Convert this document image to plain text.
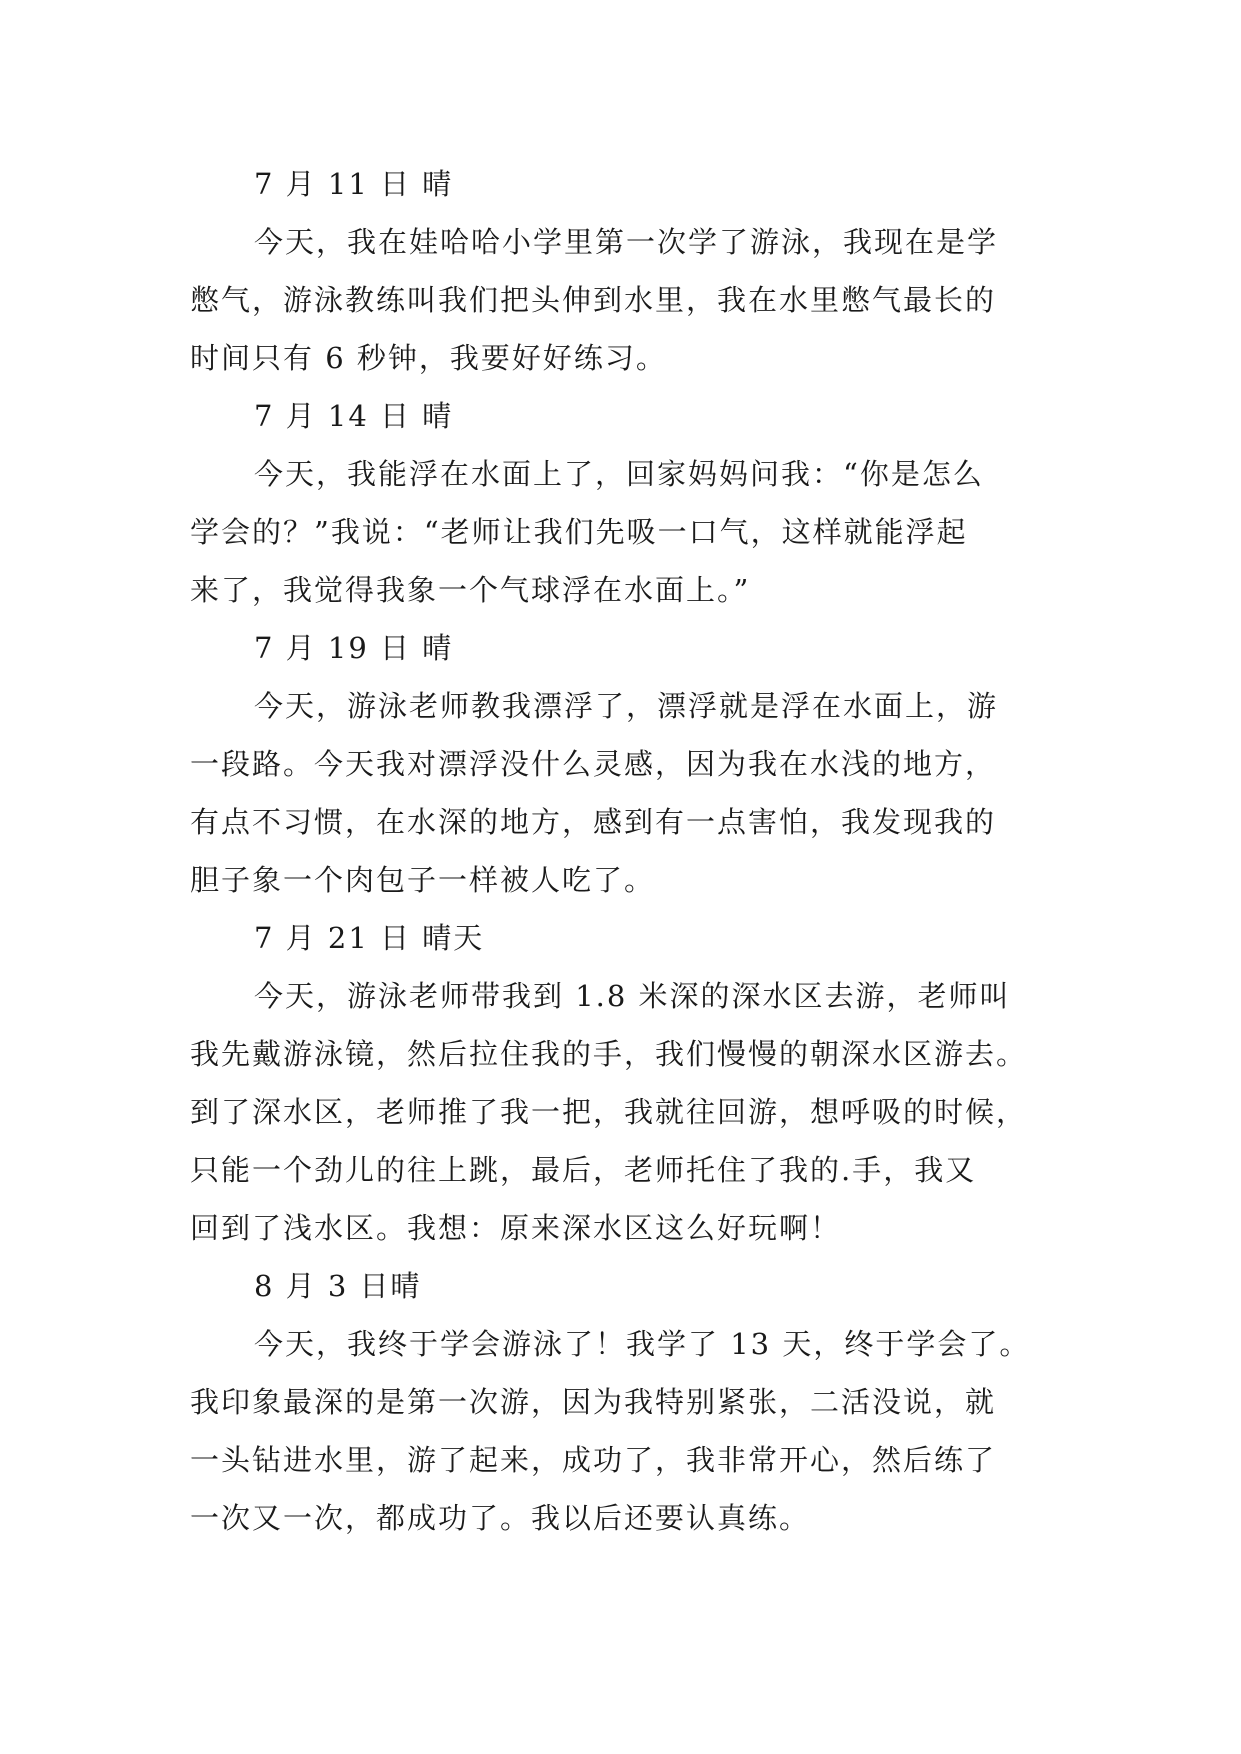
7 月 11 日 晴
今天，我在娃哈哈小学里第一次学了游泳，我现在是学
憋气，游泳教练叫我们把头伸到水里，我在水里憋气最长的
时间只有 6 秒钟，我要好好练习。
7 月 14 日 晴
今天，我能浮在水面上了，回家妈妈问我：“你是怎么
学会的？”我说：“老师让我们先吸一口气，这样就能浮起
来了，我觉得我象一个气球浮在水面上。”
7 月 19 日 晴
今天，游泳老师教我漂浮了，漂浮就是浮在水面上，游
一段路。今天我对漂浮没什么灵感，因为我在水浅的地方，
有点不习惯，在水深的地方，感到有一点害怕，我发现我的
胆子象一个肉包子一样被人吃了。
7 月 21 日 晴天
今天，游泳老师带我到 1.8 米深的深水区去游，老师叫
我先戴游泳镜，然后拉住我的手，我们慢慢的朝深水区游去。
到了深水区，老师推了我一把，我就往回游，想呼吸的时候，
只能一个劲儿的往上跳，最后，老师托住了我的.手，我又
回到了浅水区。我想：原来深水区这么好玩啊！
8 月 3 日晴
今天，我终于学会游泳了！我学了 13 天，终于学会了。
我印象最深的是第一次游，因为我特别紧张，二活没说，就
一头钻进水里，游了起来，成功了，我非常开心，然后练了
一次又一次，都成功了。我以后还要认真练。
